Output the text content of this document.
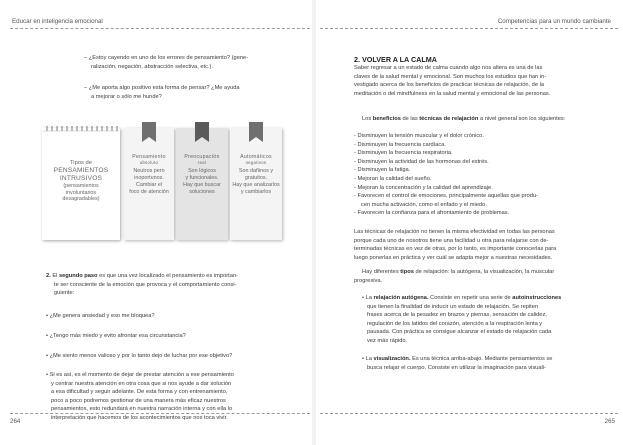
Educar en inteligencia emocional
– ¿Estoy cayendo en uno de los errores de pensamiento? (gene-
ralización, negación, abstracción selectiva, etc.).
– ¿Me aporta algo positivo esta forma de pensar? ¿Me ayuda
a mejorar o sólo me hunde?
Tipos de
PENSAMIENTOS
INTRUSIVOS
(pensamientos
involuntarios
desagradables)
Pensamiento
absoluto
Neutros pero
inoportunos.
Cambiar el
foco de atención
Preocupación
real
Son lógicos
y funcionales.
Hay que buscar
soluciones
Automáticos
negativos
Son dañinos y
gratuitos.
Hay que analizarlos
y cambiarlos
2. El segundo paso es que una vez localizado el pensamiento es importan-
te ser consciente de la emoción que provoca y el comportamiento consi-
guiente:
• ¿Me genera ansiedad y eso me bloquea?
• ¿Tengo más miedo y evito afrontar esa circunstancia?
• ¿Me siento menos valioso y por lo tanto dejo de luchar por ese objetivo?
• Si es así, es el momento de dejar de prestar atención a ese pensamiento
y centrar nuestra atención en otra cosa que si nos ayude a dar solución
a esa dificultad y seguir adelante. De esta forma y con entrenamiento,
poco a poco podremos gestionar de una manera más eficaz nuestros
pensamientos, esto redundará en nuestra narración interna y con ella lo
interpretación que hacemos de los acontecimientos que nos toca vivir.
264
Competencias para un mundo cambiante
2. VOLVER A LA CALMA
Saber regresar a un estado de calma cuando algo nos altera es una de las
claves de la salud mental y emocional. Son muchos los estudios que han in-
vestigado acerca de los beneficios de practicar técnicas de relajación, de la
meditación o del mindfulness en la salud mental y emocional de las personas.
Los beneficios de las técnicas de relajación a nivel general son los siguientes:
- Disminuyen la tensión muscular y el dolor crónico.
- Disminuyen la frecuencia cardíaca.
- Disminuyen la frecuencia respiratoria.
- Disminuyen la actividad de las hormonas del estrés.
- Disminuyen la fatiga.
- Mejoran la calidad del sueño.
- Mejoran la concentración y la calidad del aprendizaje.
- Favorecen el control de emociones, principalmente aquellas que produ-
cen mucha activación, como el enfado y el miedo.
- Favorecen la confianza para el afrontamiento de problemas.
Las técnicas de relajación no tienen la misma efectividad en todas las personas
porque cada uno de nosotros tiene una facilidad u otra para relajarse con de-
terminadas técnicas en vez de otras, por lo tanto, es importante conocerlas para
luego ponerlas en práctica y ver cuál se adapta mejor a nuestras necesidades.
Hay diferentes tipos de relajación: la autógena, la visualización, la muscular
progresiva.
• La relajación autógena. Consiste en repetir una serie de autoinstrucciones
que tienen la finalidad de inducir un estado de relajación. Se repiten
frases acerca de la pesadez en brazos y piernas, sensación de calidez,
regulación de los latidos del corazón, atención a la respiración lenta y
pausada. Con práctica se consigue alcanzar el estado de relajación cada
vez más rápido.
• La visualización. Es una técnica arriba-abajo. Mediante pensamientos se
busca relajar el cuerpo. Consiste en utilizar la imaginación para visuali-
265
